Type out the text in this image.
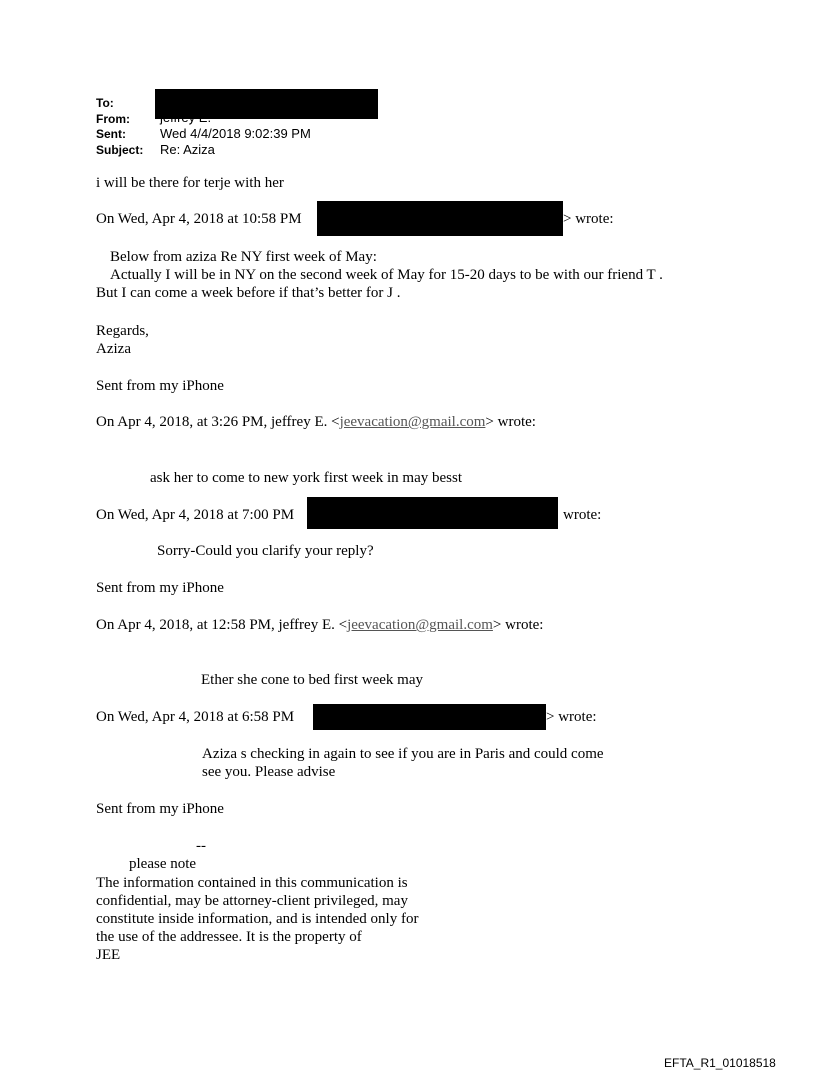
To:
From:
Sent:	Wed 4/4/2018 9:02:39 PM
Subject: Re: Aziza
i will be there for terje with her
On Wed, Apr 4, 2018 at 10:58 PM	> wrote:
Below from aziza Re NY first week of May:
Actually I will be in NY on the second week of May for 15-20 days to be with our friend T .
But I can come a week before if that’s better for J .
Regards,
Aziza
Sent from my iPhone
On Apr 4, 2018, at 3:26 PM, jeffrey E. <jeevacation@gmail.com> wrote:
ask her to come to new york first week in may besst
On Wed, Apr 4, 2018 at 7:00 PM	wrote:
Sorry-Could you clarify your reply?
Sent from my iPhone
On Apr 4, 2018, at 12:58 PM, jeffrey E. <jeevacation@gmail.com> wrote:
Ether she cone to bed first week may
On Wed, Apr 4, 2018 at 6:58 PM	> wrote:
Aziza s checking in again to see if you are in Paris and could come
see you. Please advise
Sent from my iPhone
--
please note
The information contained in this communication is
confidential, may be attorney-client privileged, may
constitute inside information, and is intended only for
the use of the addressee. It is the property of
JEE
EFTA_R1_01018518
